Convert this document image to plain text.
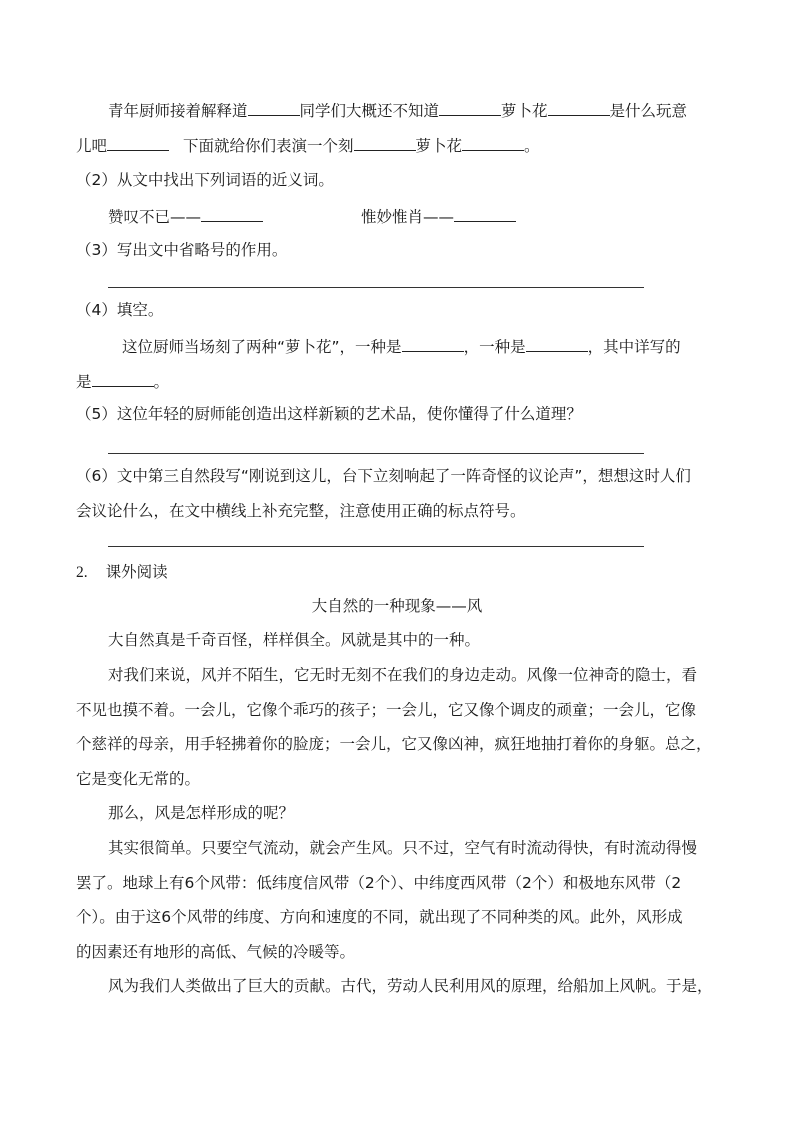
青年厨师接着解释道	同学们大概还不知道	萝卜花	是什么玩意
儿吧	下面就给你们表演一个刻	萝卜花	。
（2）从文中找出下列词语的近义词。
赞叹不已——	惟妙惟肖——
（3）写出文中省略号的作用。
（4）填空。
这位厨师当场刻了两种“萝卜花”，一种是	，一种是	，其中详写的
是	。
（5）这位年轻的厨师能创造出这样新颖的艺术品，使你懂得了什么道理？
（6）文中第三自然段写“刚说到这儿，台下立刻响起了一阵奇怪的议论声”，想想这时人们
会议论什么，在文中横线上补充完整，注意使用正确的标点符号。
2. 课外阅读
大自然的一种现象——风
大自然真是千奇百怪，样样俱全。风就是其中的一种。
对我们来说，风并不陌生，它无时无刻不在我们的身边走动。风像一位神奇的隐士，看
不见也摸不着。一会儿，它像个乖巧的孩子；一会儿，它又像个调皮的顽童；一会儿，它像
个慈祥的母亲，用手轻拂着你的脸庞；一会儿，它又像凶神，疯狂地抽打着你的身躯。总之，
它是变化无常的。
那么，风是怎样形成的呢？
其实很简单。只要空气流动，就会产生风。只不过，空气有时流动得快，有时流动得慢
罢了。地球上有6个风带：低纬度信风带（2个）、中纬度西风带（2个）和极地东风带（2
个）。由于这6个风带的纬度、方向和速度的不同，就出现了不同种类的风。此外，风形成
的因素还有地形的高低、气候的冷暖等。
风为我们人类做出了巨大的贡献。古代，劳动人民利用风的原理，给船加上风帆。于是，
